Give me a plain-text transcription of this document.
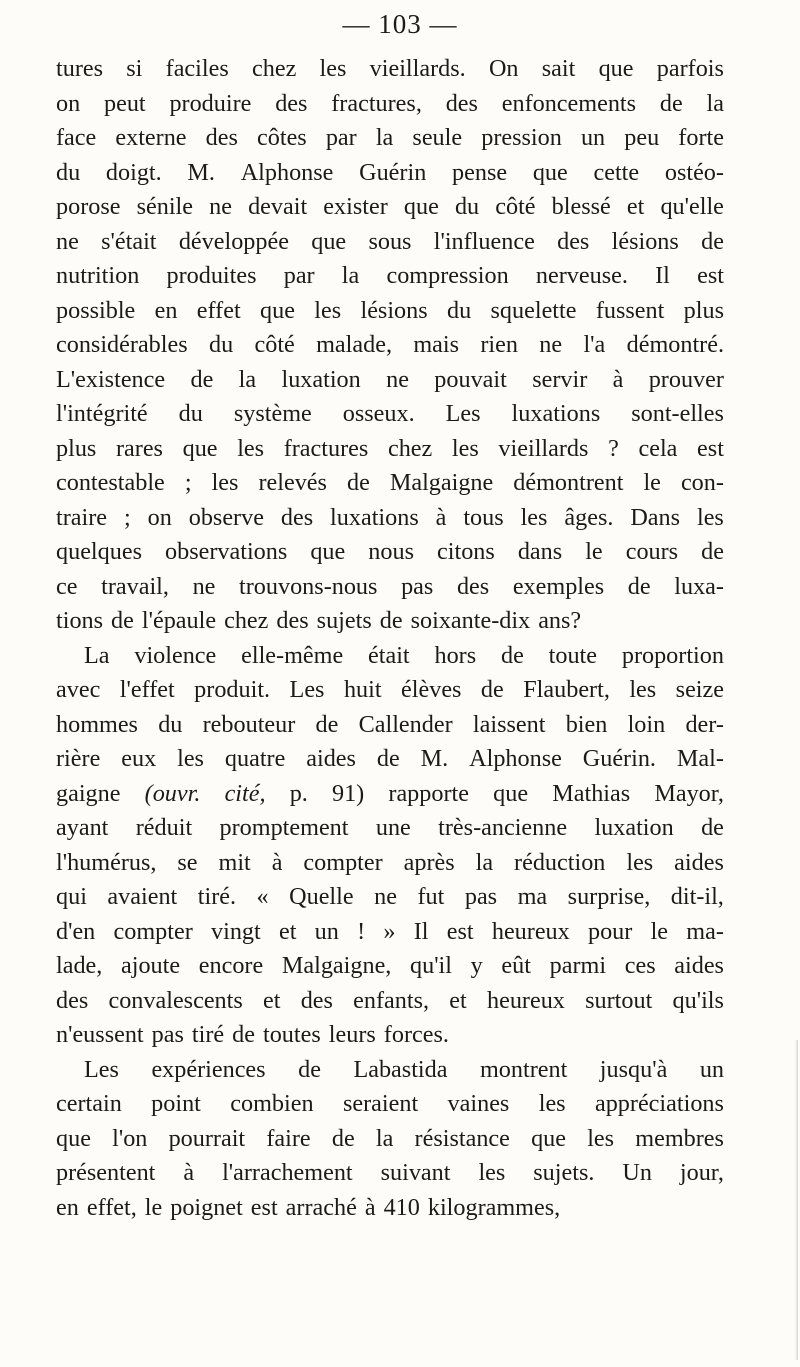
— 103 —
tures si faciles chez les vieillards. On sait que parfois
on peut produire des fractures, des enfoncements de la
face externe des côtes par la seule pression un peu forte
du doigt. M. Alphonse Guérin pense que cette ostéo-
porose sénile ne devait exister que du côté blessé et qu'elle
ne s'était développée que sous l'influence des lésions de
nutrition produites par la compression nerveuse. Il est
possible en effet que les lésions du squelette fussent plus
considérables du côté malade, mais rien ne l'a démontré.
L'existence de la luxation ne pouvait servir à prouver
l'intégrité du système osseux. Les luxations sont-elles
plus rares que les fractures chez les vieillards ? cela est
contestable ; les relevés de Malgaigne démontrent le con-
traire ; on observe des luxations à tous les âges. Dans les
quelques observations que nous citons dans le cours de
ce travail, ne trouvons-nous pas des exemples de luxa-
tions de l'épaule chez des sujets de soixante-dix ans?
La violence elle-même était hors de toute proportion
avec l'effet produit. Les huit élèves de Flaubert, les seize
hommes du rebouteur de Callender laissent bien loin der-
rière eux les quatre aides de M. Alphonse Guérin. Mal-
gaigne (ouvr. cité, p. 91) rapporte que Mathias Mayor,
ayant réduit promptement une très-ancienne luxation de
l'humérus, se mit à compter après la réduction les aides
qui avaient tiré. « Quelle ne fut pas ma surprise, dit-il,
d'en compter vingt et un ! » Il est heureux pour le ma-
lade, ajoute encore Malgaigne, qu'il y eût parmi ces aides
des convalescents et des enfants, et heureux surtout qu'ils
n'eussent pas tiré de toutes leurs forces.
Les expériences de Labastida montrent jusqu'à un
certain point combien seraient vaines les appréciations
que l'on pourrait faire de la résistance que les membres
présentent à l'arrachement suivant les sujets. Un jour,
en effet, le poignet est arraché à 410 kilogrammes,
